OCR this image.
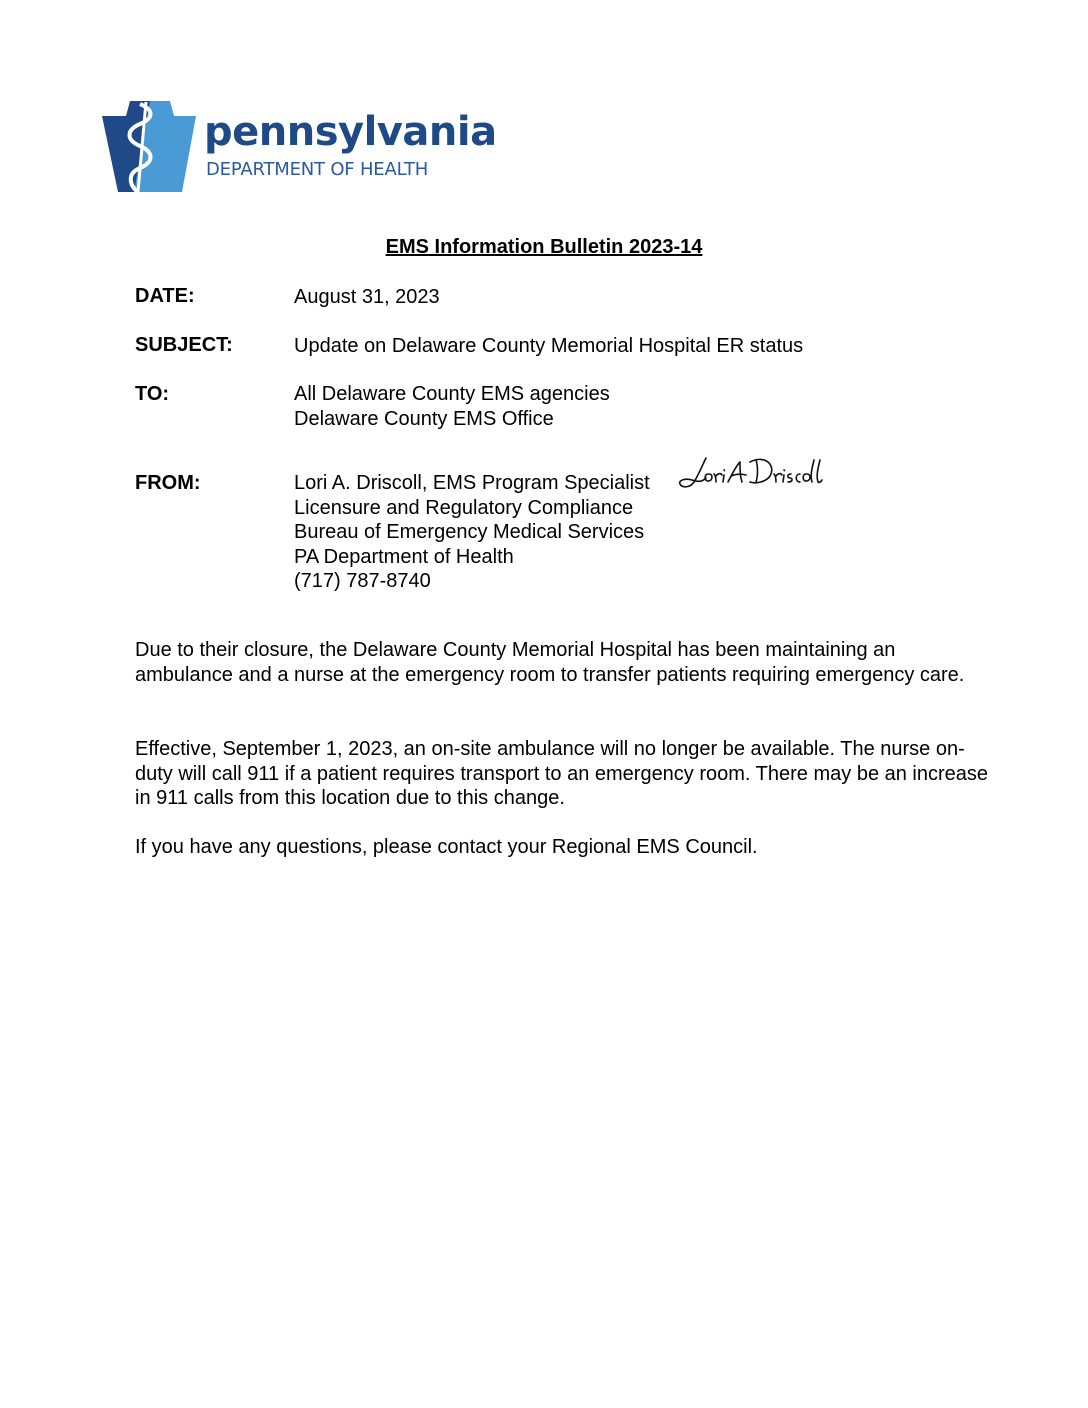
pennsylvania
DEPARTMENT OF HEALTH
EMS Information Bulletin 2023-14
DATE:	August 31, 2023
SUBJECT:	Update on Delaware County Memorial Hospital ER status
TO:	All Delaware County EMS agencies
Delaware County EMS Office
FROM:	Lori A. Driscoll, EMS Program Specialist
Licensure and Regulatory Compliance
Bureau of Emergency Medical Services
PA Department of Health
(717) 787-8740
Due to their closure, the Delaware County Memorial Hospital has been maintaining an ambulance and a nurse at the emergency room to transfer patients requiring emergency care.
Effective, September 1, 2023, an on-site ambulance will no longer be available. The nurse on-duty will call 911 if a patient requires transport to an emergency room. There may be an increase in 911 calls from this location due to this change.
If you have any questions, please contact your Regional EMS Council.
